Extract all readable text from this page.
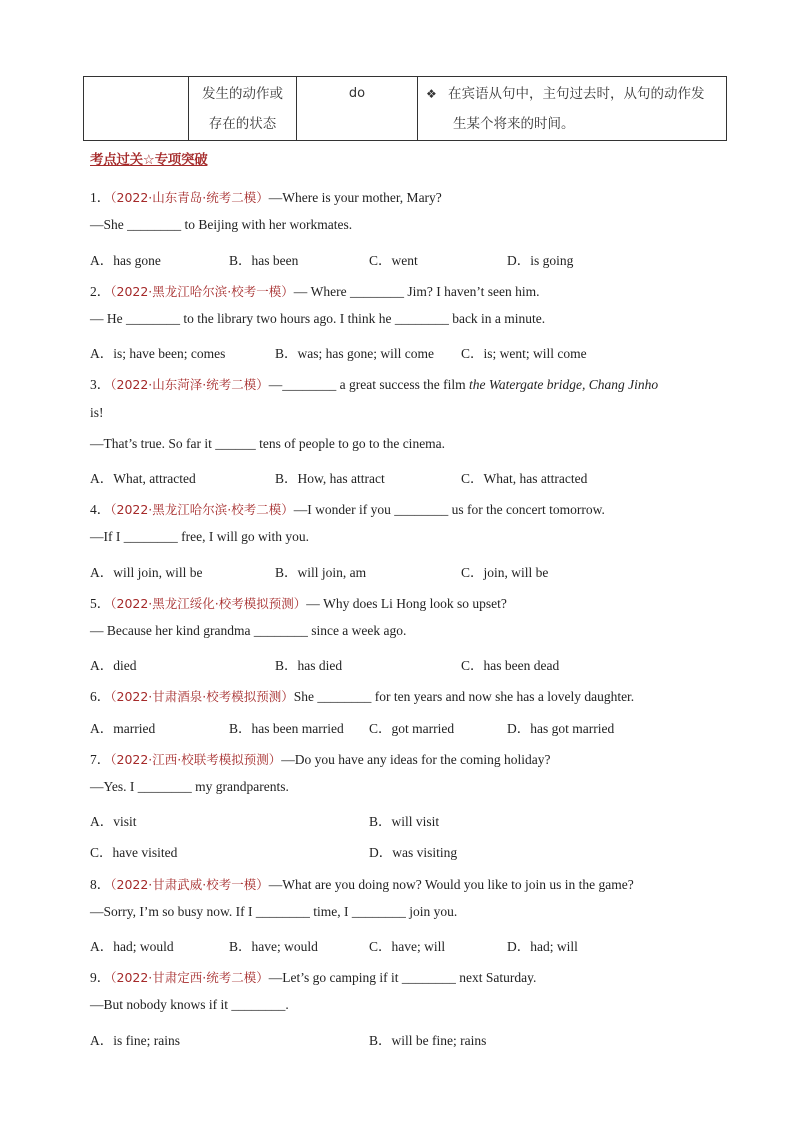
发生的动作或
存在的状态
	do	❖ 在宾语从句中，主句过去时，从句的动作发
生某个将来的时间。
考点过关☆专项突破
1．（2022·山东青岛·统考二模）—Where is your mother, Mary?
—She ________ to Beijing with her workmates.
A．has gone	B．has been	C．went	D．is going
2．（2022·黑龙江哈尔滨·校考一模）— Where ________ Jim? I haven’t seen him.
— He ________ to the library two hours ago. I think he ________ back in a minute.
A．is; have been; comes	B．was; has gone; will come C．is; went; will come
3．（2022·山东菏泽·统考二模）—________ a great success the film the Watergate bridge, Chang Jinho
is!
—That’s true. So far it ______ tens of people to go to the cinema.
A．What, attracted	B．How, has attract	C．What, has attracted
4．（2022·黑龙江哈尔滨·校考二模）—I wonder if you ________ us for the concert tomorrow.
—If I ________ free, I will go with you.
A．will join, will be	B．will join, am	C．join, will be
5．（2022·黑龙江绥化·校考模拟预测）— Why does Li Hong look so upset?
— Because her kind grandma ________ since a week ago.
A．died	B．has died	C．has been dead
6．（2022·甘肃酒泉·校考模拟预测）She ________ for ten years and now she has a lovely daughter.
A．married	B．has been married C．got married	D．has got married
7．（2022·江西·校联考模拟预测）—Do you have any ideas for the coming holiday?
—Yes. I ________ my grandparents.
A．visit	B．will visit
C．have visited	D．was visiting
8．（2022·甘肃武威·校考一模）—What are you doing now? Would you like to join us in the game?
—Sorry, I’m so busy now. If I ________ time, I ________ join you.
A．had; would	B．have; would	C．have; will	D．had; will
9．（2022·甘肃定西·统考二模）—Let’s go camping if it ________ next Saturday.
—But nobody knows if it ________.
A．is fine; rains	B．will be fine; rains
